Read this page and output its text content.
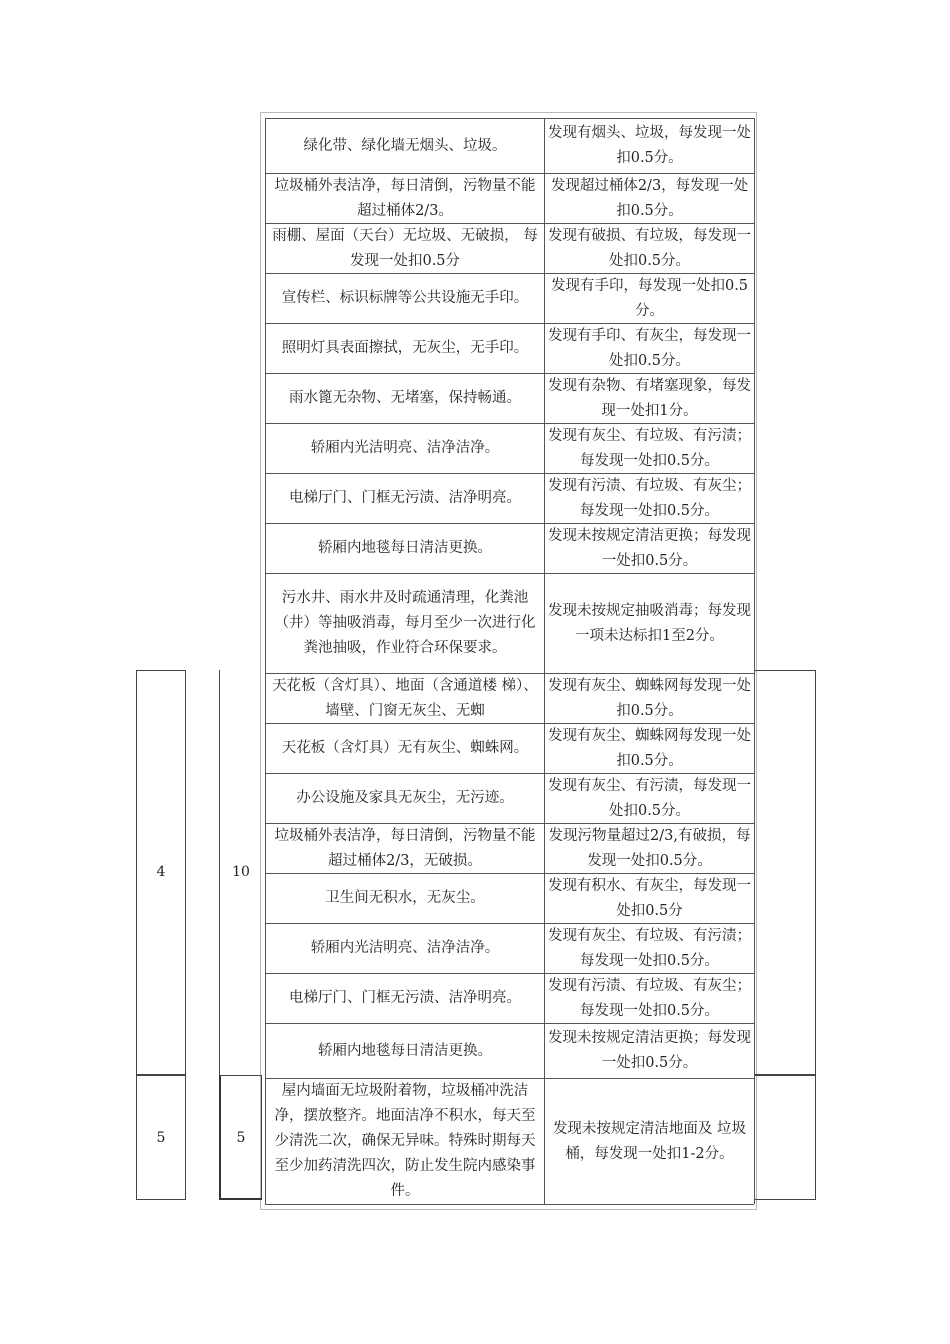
4	10
5	5
绿化带、绿化墙无烟头、垃圾。
发现有烟头、垃圾，每发现一处扣0.5分。
垃圾桶外表洁净，每日清倒，污物量不能超过桶体2/3。
发现超过桶体2/3，每发现一处扣0.5分。
雨棚、屋面（天台）无垃圾、无破损， 每发现一处扣0.5分
发现有破损、有垃圾，每发现一处扣0.5分。
宣传栏、标识标牌等公共设施无手印。
发现有手印，每发现一处扣0.5 分。
照明灯具表面擦拭，无灰尘，无手印。
发现有手印、有灰尘，每发现一处扣0.5分。
雨水篦无杂物、无堵塞，保持畅通。
发现有杂物、有堵塞现象，每发现一处扣1分。
轿厢内光洁明亮、洁净洁净。
发现有灰尘、有垃圾、有污渍；每发现一处扣0.5分。
电梯厅门、门框无污渍、洁净明亮。
发现有污渍、有垃圾、有灰尘；每发现一处扣0.5分。
轿厢内地毯每日清洁更换。
发现未按规定清洁更换；每发现一处扣0.5分。
污水井、雨水井及时疏通清理，化粪池（井）等抽吸消毒，每月至少一次进行化粪池抽吸，作业符合环保要求。
发现未按规定抽吸消毒；每发现一项未达标扣1至2分。
天花板（含灯具）、地面（含通道楼 梯）、墙壁、门窗无灰尘、无蜘
发现有灰尘、蜘蛛网每发现一处扣0.5分。
天花板（含灯具）无有灰尘、蜘蛛网。
发现有灰尘、蜘蛛网每发现一处扣0.5分。
办公设施及家具无灰尘，无污迹。
发现有灰尘、有污渍，每发现一处扣0.5分。
垃圾桶外表洁净，每日清倒，污物量不能超过桶体2/3，无破损。
发现污物量超过2/3,有破损，每发现一处扣0.5分。
卫生间无积水，无灰尘。
发现有积水、有灰尘，每发现一处扣0.5分
轿厢内光洁明亮、洁净洁净。
发现有灰尘、有垃圾、有污渍；每发现一处扣0.5分。
电梯厅门、门框无污渍、洁净明亮。
发现有污渍、有垃圾、有灰尘；每发现一处扣0.5分。
轿厢内地毯每日清洁更换。
发现未按规定清洁更换；每发现一处扣0.5分。
屋内墙面无垃圾附着物，垃圾桶冲洗洁净，摆放整齐。地面洁净不积水，每天至少清洗二次，确保无异味。特殊时期每天至少加药清洗四次，防止发生院内感染事件。
发现未按规定清洁地面及 垃圾桶，每发现一处扣1-2分。
